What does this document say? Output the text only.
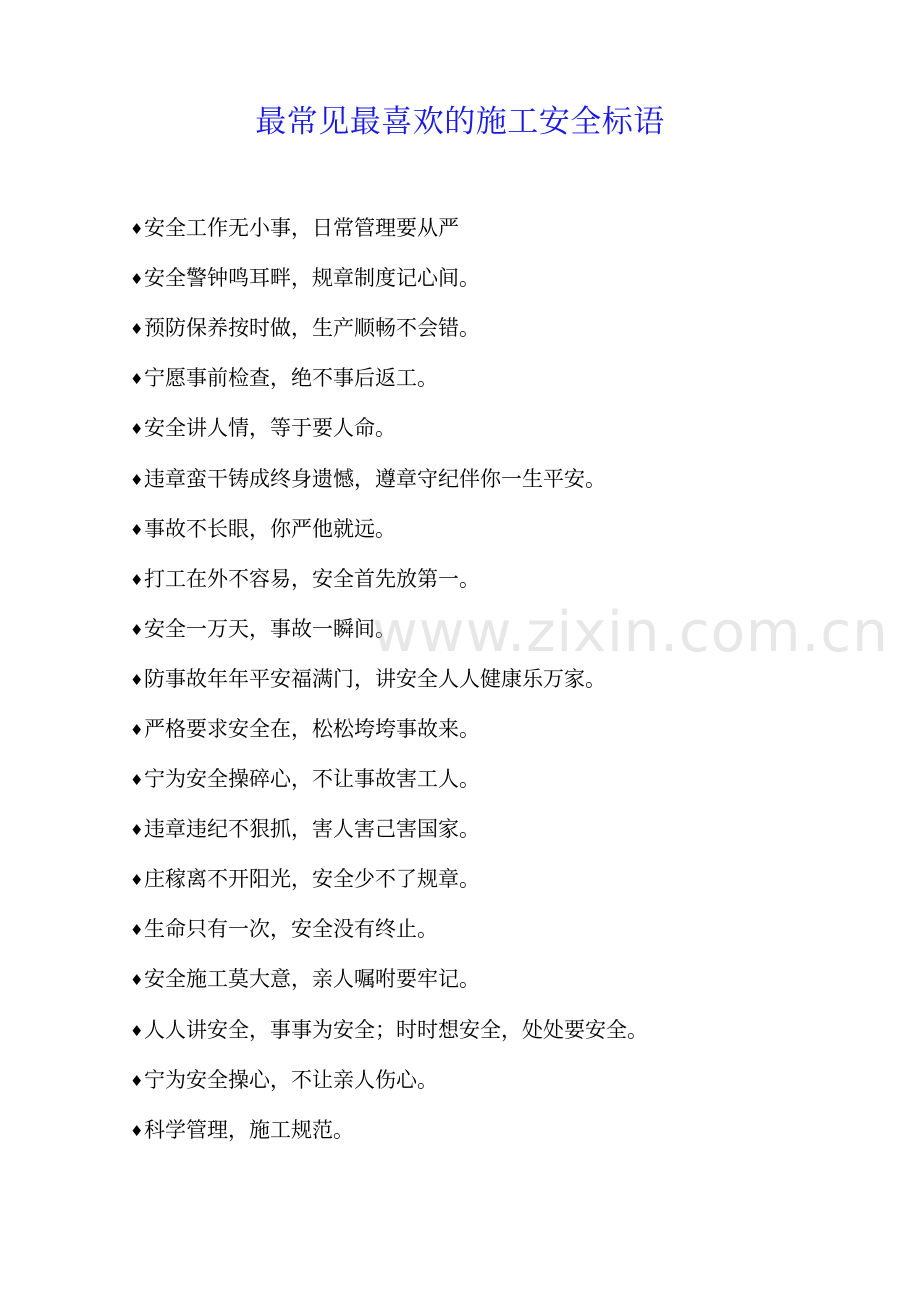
最常见最喜欢的施工安全标语
♦ 安全工作无小事，日常管理要从严
♦ 安全警钟鸣耳畔，规章制度记心间。
♦ 预防保养按时做，生产顺畅不会错。
♦ 宁愿事前检查，绝不事后返工。
♦ 安全讲人情，等于要人命。
♦ 违章蛮干铸成终身遗憾，遵章守纪伴你一生平安。
♦ 事故不长眼，你严他就远。
♦ 打工在外不容易，安全首先放第一。
♦ 安全一万天，事故一瞬间。
♦ 防事故年年平安福满门，讲安全人人健康乐万家。
♦ 严格要求安全在，松松垮垮事故来。
♦ 宁为安全操碎心，不让事故害工人。
♦ 违章违纪不狠抓，害人害己害国家。
♦ 庄稼离不开阳光，安全少不了规章。
♦ 生命只有一次，安全没有终止。
♦ 安全施工莫大意，亲人嘱咐要牢记。
♦ 人人讲安全，事事为安全；时时想安全，处处要安全。
♦ 宁为安全操心，不让亲人伤心。
♦ 科学管理，施工规范。
www.zixin.com.cn
